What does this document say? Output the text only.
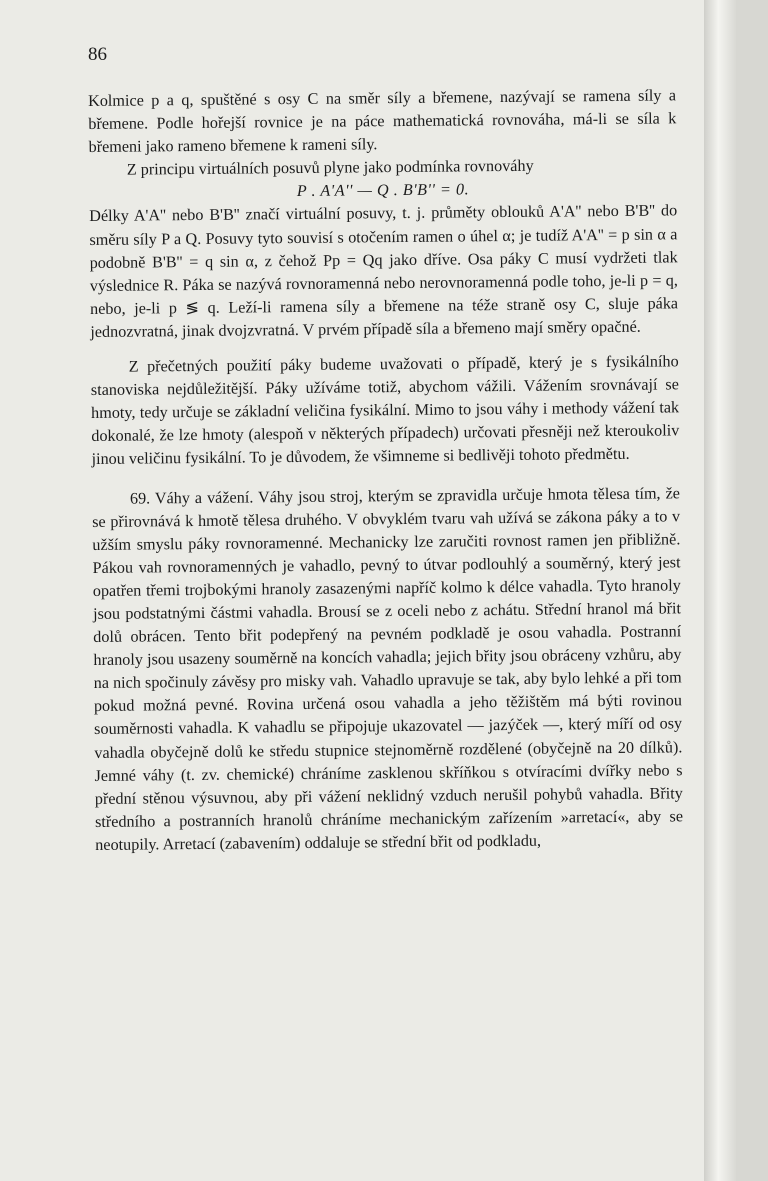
86

Kolmice p a q, spuštěné s osy C na směr síly a břemene, nazývají se ramena síly a břemene. Podle hořejší rovnice je na páce mathematická rovnováha, má-li se síla k břemeni jako rameno břemene k rameni síly.

Z principu virtuálních posuvů plyne jako podmínka rovnováhy

P . A'A'' — Q . B'B'' = 0.

Délky A'A'' nebo B'B'' značí virtuální posuvy, t. j. průměty oblouků A'A'' nebo B'B'' do směru síly P a Q. Posuvy tyto souvisí s otočením ramen o úhel α; je tudíž A'A'' = p sin α a podobně B'B'' = q sin α, z čehož Pp = Qq jako dříve. Osa páky C musí vydržeti tlak výslednice R. Páka se nazývá rovnoramenná nebo nerovnoramenná podle toho, je-li p = q, nebo, je-li p ≶ q. Leží-li ramena síly a břemene na téže straně osy C, sluje páka jednozvratná, jinak dvojzvratná. V prvém případě síla a břemeno mají směry opačné.

Z přečetných použití páky budeme uvažovati o případě, který je s fysikálního stanoviska nejdůležitější. Páky užíváme totiž, abychom vážili. Vážením srovnávají se hmoty, tedy určuje se základní veličina fysikální. Mimo to jsou váhy i methody vážení tak dokonalé, že lze hmoty (alespoň v některých případech) určovati přesněji než kteroukoliv jinou veličinu fysikální. To je důvodem, že všimneme si bedlivěji tohoto předmětu.

69. Váhy a vážení. Váhy jsou stroj, kterým se zpravidla určuje hmota tělesa tím, že se přirovnává k hmotě tělesa druhého. V obvyklém tvaru vah užívá se zákona páky a to v užším smyslu páky rovnoramenné. Mechanicky lze zaručiti rovnost ramen jen přibližně. Pákou vah rovnoramenných je vahadlo, pevný to útvar podlouhlý a souměrný, který jest opatřen třemi trojbokými hranoly zasazenými napříč kolmo k délce vahadla. Tyto hranoly jsou podstatnými částmi vahadla. Brousí se z oceli nebo z achátu. Střední hranol má břit dolů obrácen. Tento břit podepřený na pevném podkladě je osou vahadla. Postranní hranoly jsou usazeny souměrně na koncích vahadla; jejich břity jsou obráceny vzhůru, aby na nich spočinuly závěsy pro misky vah. Vahadlo upravuje se tak, aby bylo lehké a při tom pokud možná pevné. Rovina určená osou vahadla a jeho těžištěm má býti rovinou souměrnosti vahadla. K vahadlu se připojuje ukazovatel — jazýček —, který míří od osy vahadla obyčejně dolů ke středu stupnice stejnoměrně rozdělené (obyčejně na 20 dílků). Jemné váhy (t. zv. chemické) chráníme zasklenou skříňkou s otvíracími dvířky nebo s přední stěnou výsuvnou, aby při vážení neklidný vzduch nerušil pohybů vahadla. Břity středního a postranních hranolů chráníme mechanickým zařízením »arretací«, aby se neotupily. Arretací (zabavením) oddaluje se střední břit od podkladu,
